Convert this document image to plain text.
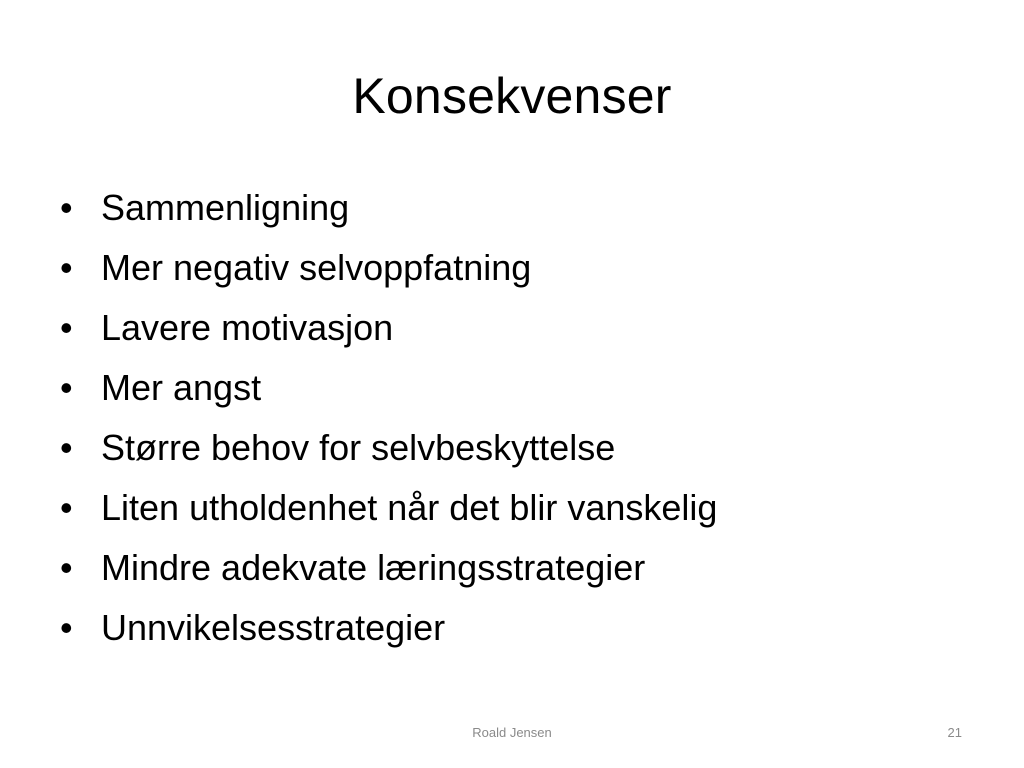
Konsekvenser
• Sammenligning
• Mer negativ selvoppfatning
• Lavere motivasjon
• Mer angst
• Større behov for selvbeskyttelse
• Liten utholdenhet når det blir vanskelig
• Mindre adekvate læringsstrategier
• Unnvikelsesstrategier
Roald Jensen	21
